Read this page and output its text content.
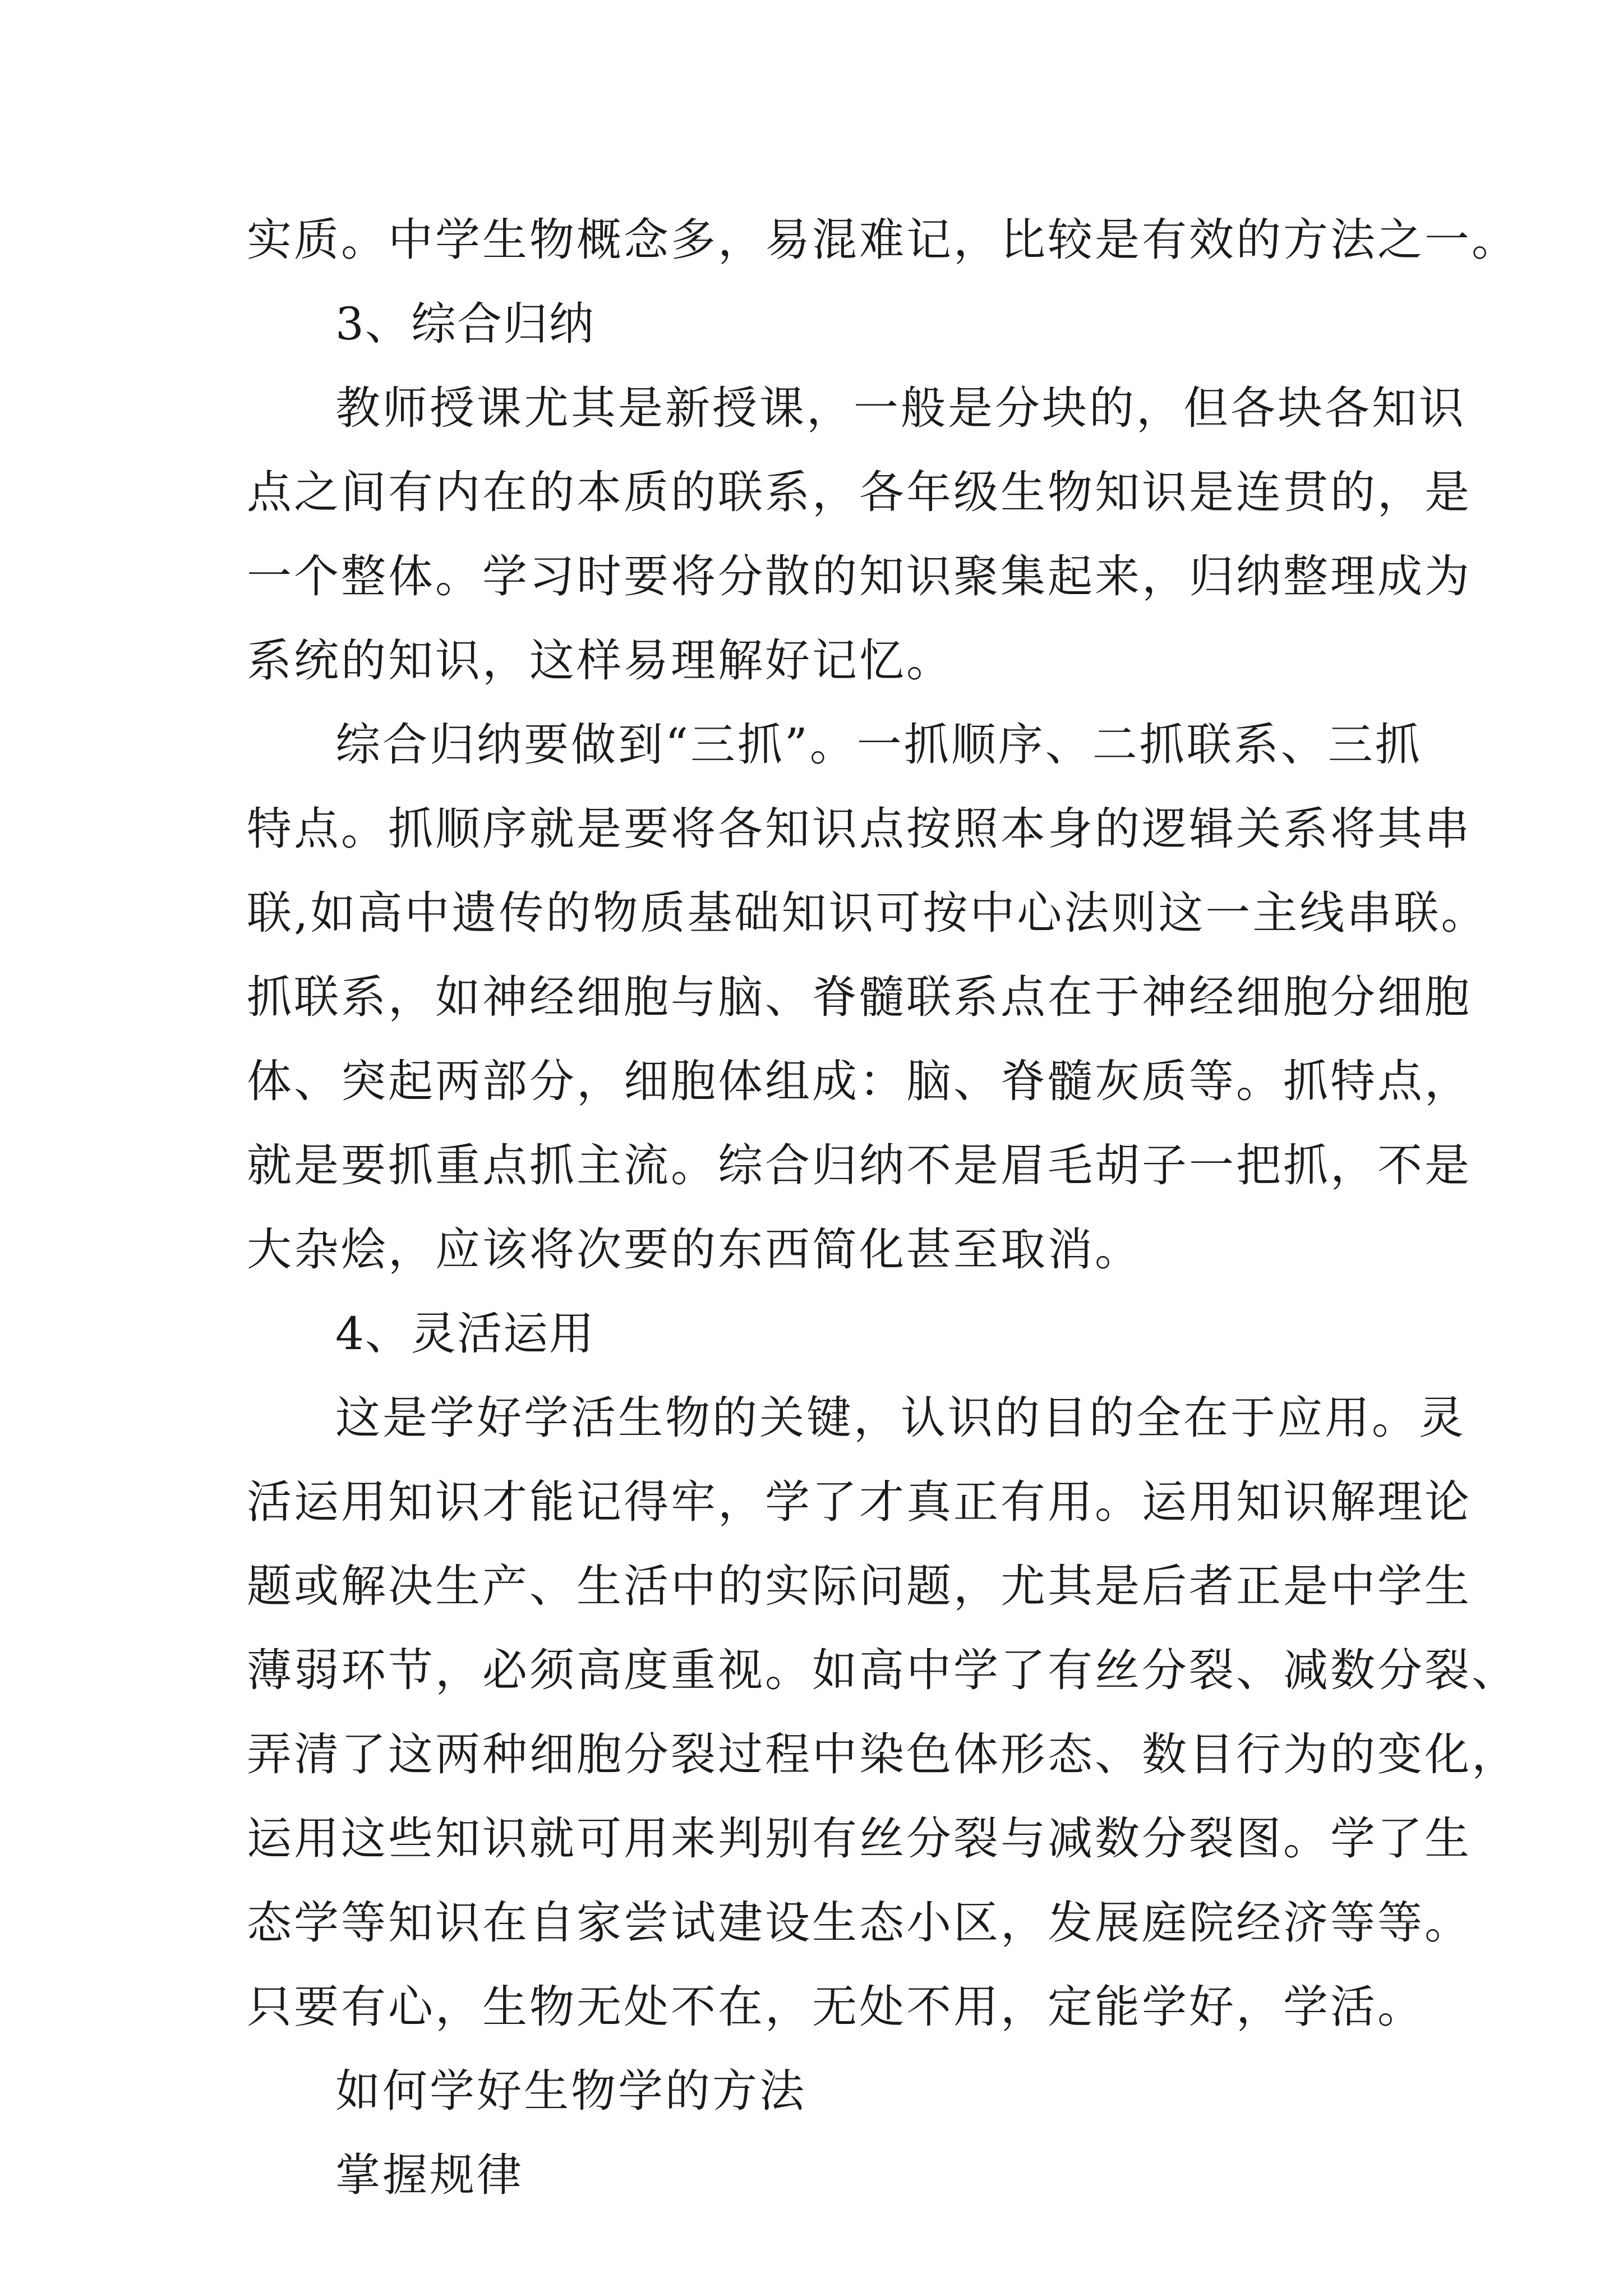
实质。中学生物概念多，易混难记，比较是有效的方法之一。
3、综合归纳
教师授课尤其是新授课，一般是分块的，但各块各知识
点之间有内在的本质的联系，各年级生物知识是连贯的，是
一个整体。学习时要将分散的知识聚集起来，归纳整理成为
系统的知识，这样易理解好记忆。
综合归纳要做到“三抓”。一抓顺序、二抓联系、三抓
特点。抓顺序就是要将各知识点按照本身的逻辑关系将其串
联,如高中遗传的物质基础知识可按中心法则这一主线串联。
抓联系，如神经细胞与脑、脊髓联系点在于神经细胞分细胞
体、突起两部分，细胞体组成：脑、脊髓灰质等。抓特点，
就是要抓重点抓主流。综合归纳不是眉毛胡子一把抓，不是
大杂烩，应该将次要的东西简化甚至取消。
4、灵活运用
这是学好学活生物的关键，认识的目的全在于应用。灵
活运用知识才能记得牢，学了才真正有用。运用知识解理论
题或解决生产、生活中的实际问题，尤其是后者正是中学生
薄弱环节，必须高度重视。如高中学了有丝分裂、减数分裂、
弄清了这两种细胞分裂过程中染色体形态、数目行为的变化，
运用这些知识就可用来判别有丝分裂与减数分裂图。学了生
态学等知识在自家尝试建设生态小区，发展庭院经济等等。
只要有心，生物无处不在，无处不用，定能学好，学活。
如何学好生物学的方法
掌握规律
